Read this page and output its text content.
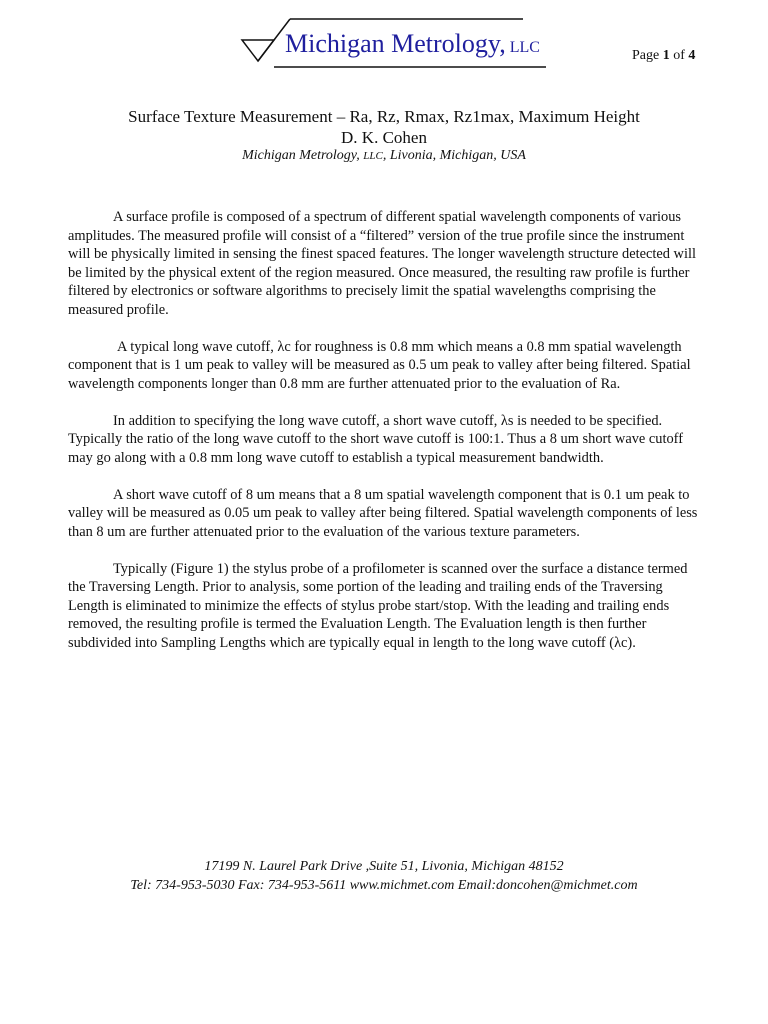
Michigan Metrology, LLC	Page 1 of 4
Surface Texture Measurement – Ra, Rz, Rmax, Rz1max, Maximum Height
D. K. Cohen
Michigan Metrology, LLC, Livonia, Michigan, USA

A surface profile is composed of a spectrum of different spatial wavelength components of various amplitudes. The measured profile will consist of a “filtered” version of the true profile since the instrument will be physically limited in sensing the finest spaced features. The longer wavelength structure detected will be limited by the physical extent of the region measured. Once measured, the resulting raw profile is further filtered by electronics or software algorithms to precisely limit the spatial wavelengths comprising the measured profile.

A typical long wave cutoff, λc for roughness is 0.8 mm which means a 0.8 mm spatial wavelength component that is 1 um peak to valley will be measured as 0.5 um peak to valley after being filtered. Spatial wavelength components longer than 0.8 mm are further attenuated prior to the evaluation of Ra.

In addition to specifying the long wave cutoff, a short wave cutoff, λs is needed to be specified. Typically the ratio of the long wave cutoff to the short wave cutoff is 100:1. Thus a 8 um short wave cutoff may go along with a 0.8 mm long wave cutoff to establish a typical measurement bandwidth.

A short wave cutoff of 8 um means that a 8 um spatial wavelength component that is 0.1 um peak to valley will be measured as 0.05 um peak to valley after being filtered. Spatial wavelength components of less than 8 um are further attenuated prior to the evaluation of the various texture parameters.

Typically (Figure 1) the stylus probe of a profilometer is scanned over the surface a distance termed the Traversing Length. Prior to analysis, some portion of the leading and trailing ends of the Traversing Length is eliminated to minimize the effects of stylus probe start/stop. With the leading and trailing ends removed, the resulting profile is termed the Evaluation Length. The Evaluation length is then further subdivided into Sampling Lengths which are typically equal in length to the long wave cutoff (λc).

17199 N. Laurel Park Drive ,Suite 51, Livonia, Michigan 48152
Tel: 734-953-5030 Fax: 734-953-5611 www.michmet.com Email:doncohen@michmet.com
